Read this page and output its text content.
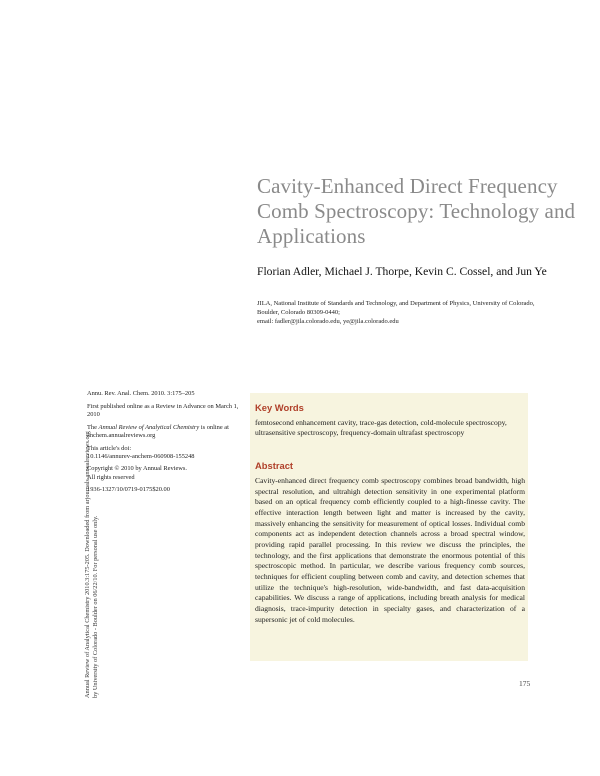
Annual Review of Analytical Chemistry 2010.3:175-205. Downloaded from arjournals.annualreviews.org by University of Colorado - Boulder on 06/22/10. For personal use only.
Cavity-Enhanced Direct Frequency Comb Spectroscopy: Technology and Applications
Florian Adler, Michael J. Thorpe, Kevin C. Cossel, and Jun Ye
JILA, National Institute of Standards and Technology, and Department of Physics, University of Colorado, Boulder, Colorado 80309-0440;
email: fadler@jila.colorado.edu, ye@jila.colorado.edu

Annu. Rev. Anal. Chem. 2010. 3:175–205

First published online as a Review in Advance on March 1, 2010

The Annual Review of Analytical Chemistry is online at anchem.annualreviews.org

This article's doi:
10.1146/annurev-anchem-060908-155248

Copyright © 2010 by Annual Reviews.
All rights reserved

1936-1327/10/0719-0175$20.00

Key Words
femtosecond enhancement cavity, trace-gas detection, cold-molecule spectroscopy, ultrasensitive spectroscopy, frequency-domain ultrafast spectroscopy
Abstract
Cavity-enhanced direct frequency comb spectroscopy combines broad bandwidth, high spectral resolution, and ultrahigh detection sensitivity in one experimental platform based on an optical frequency comb efficiently coupled to a high-finesse cavity. The effective interaction length between light and matter is increased by the cavity, massively enhancing the sensitivity for measurement of optical losses. Individual comb components act as independent detection channels across a broad spectral window, providing rapid parallel processing. In this review we discuss the principles, the technology, and the first applications that demonstrate the enormous potential of this spectroscopic method. In particular, we describe various frequency comb sources, techniques for efficient coupling between comb and cavity, and detection schemes that utilize the technique's high-resolution, wide-bandwidth, and fast data-acquisition capabilities. We discuss a range of applications, including breath analysis for medical diagnosis, trace-impurity detection in specialty gases, and characterization of a supersonic jet of cold molecules.
175
